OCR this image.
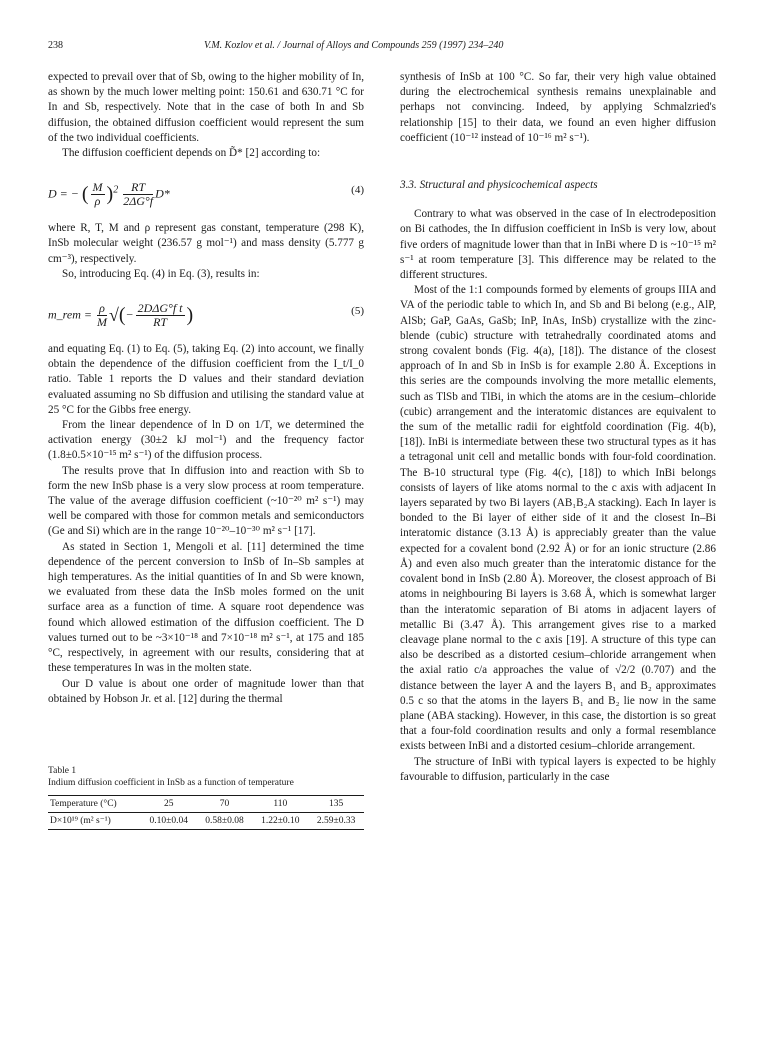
238	V.M. Kozlov et al. / Journal of Alloys and Compounds 259 (1997) 234–240

expected to prevail over that of Sb, owing to the higher mobility of In, as shown by the much lower melting point: 150.61 and 630.71 °C for In and Sb, respectively. Note that in the case of both In and Sb diffusion, the obtained diffusion coefficient would represent the sum of the two individual coefficients.

The diffusion coefficient depends on D̃* [2] according to:

D = − ( $\frac{M}{\rho} )^2 \frac{RT}{2\Delta G^\circ f} D*$	(4)

where R, T, M and ρ represent gas constant, temperature (298 K), InSb molecular weight (236.57 g mol⁻¹) and mass density (5.777 g cm⁻³), respectively.

So, introducing Eq. (4) in Eq. (3), results in:

m_rem = $\frac{\rho}{M}$ √(− $\frac{\text{2DΔG°f t}}{RT}$ )	(5)

and equating Eq. (1) to Eq. (5), taking Eq. (2) into account, we finally obtain the dependence of the diffusion coefficient from the I_t/I_0 ratio. Table 1 reports the D values and their standard deviation evaluated assuming no Sb diffusion and utilising the standard value at 25 °C for the Gibbs free energy.

From the linear dependence of ln D on 1/T, we determined the activation energy (30±2 kJ mol⁻¹) and the frequency factor (1.8±0.5×10⁻¹⁵ m² s⁻¹) of the diffusion process.

The results prove that In diffusion into and reaction with Sb to form the new InSb phase is a very slow process at room temperature. The value of the average diffusion coefficient (~10⁻²⁰ m² s⁻¹) may well be compared with those for common metals and semiconductors (Ge and Si) which are in the range 10⁻²⁰–10⁻³⁰ m² s⁻¹ [17].

As stated in Section 1, Mengoli et al. [11] determined the time dependence of the percent conversion to InSb of In–Sb samples at high temperatures. As the initial quantities of In and Sb were known, we evaluated from these data the InSb moles formed on the unit surface area as a function of time. A square root dependence was found which allowed estimation of the diffusion coefficient. The D values turned out to be ~3×10⁻¹⁸ and 7×10⁻¹⁸ m² s⁻¹, at 175 and 185 °C, respectively, in agreement with our results, considering that at these temperatures In was in the molten state.

Our D value is about one order of magnitude lower than that obtained by Hobson Jr. et al. [12] during the thermal

Table 1
Indium diffusion coefficient in InSb as a function of temperature
Temperature (°C)	25	70	110	135
D×10¹⁹ (m² s⁻¹)	0.10±0.04	0.58±0.08	1.22±0.10	2.59±0.33

synthesis of InSb at 100 °C. So far, their very high value obtained during the electrochemical synthesis remains unexplainable and perhaps not convincing. Indeed, by applying Schmalzried's relationship [15] to their data, we found an even higher diffusion coefficient (10⁻¹² instead of 10⁻¹⁶ m² s⁻¹).

3.3. Structural and physicochemical aspects

Contrary to what was observed in the case of In electrodeposition on Bi cathodes, the In diffusion coefficient in InSb is very low, about five orders of magnitude lower than that in InBi where D is ~10⁻¹⁵ m² s⁻¹ at room temperature [3]. This difference may be related to the different structures.

Most of the 1:1 compounds formed by elements of groups IIIA and VA of the periodic table to which In, and Sb and Bi belong (e.g., AlP, AlSb; GaP, GaAs, GaSb; InP, InAs, InSb) crystallize with the zinc-blende (cubic) structure with tetrahedrally coordinated atoms and strong covalent bonds (Fig. 4(a), [18]). The distance of the closest approach of In and Sb in InSb is for example 2.80 Å. Exceptions in this series are the compounds involving the more metallic elements, such as TlSb and TlBi, in which the atoms are in the cesium–chloride (cubic) arrangement and the interatomic distances are equivalent to the sum of the metallic radii for eightfold coordination (Fig. 4(b), [18]). InBi is intermediate between these two structural types as it has a tetragonal unit cell and metallic bonds with four-fold coordination. The B-10 structural type (Fig. 4(c), [18]) to which InBi belongs consists of layers of like atoms normal to the c axis with adjacent In layers separated by two Bi layers (AB₁B₂A stacking). Each In layer is bonded to the Bi layer of either side of it and the closest In–Bi interatomic distance (3.13 Å) is appreciably greater than the value expected for a covalent bond (2.92 Å) or for an ionic structure (2.86 Å) and even also much greater than the interatomic distance for the covalent bond in InSb (2.80 Å). Moreover, the closest approach of Bi atoms in neighbouring Bi layers is 3.68 Å, which is somewhat larger than the interatomic separation of Bi atoms in adjacent layers of metallic Bi (3.47 Å). This arrangement gives rise to a marked cleavage plane normal to the c axis [19]. A structure of this type can also be described as a distorted cesium–chloride arrangement when the axial ratio c/a approaches the value of √2/2 (0.707) and the distance between the layer A and the layers B₁ and B₂ approximates 0.5 c so that the atoms in the layers B₁ and B₂ lie now in the same plane (ABA stacking). However, in this case, the distortion is so great that a four-fold coordination results and only a formal resemblance exists between InBi and a distorted cesium–chloride arrangement.

The structure of InBi with typical layers is expected to be highly favourable to diffusion, particularly in the case
